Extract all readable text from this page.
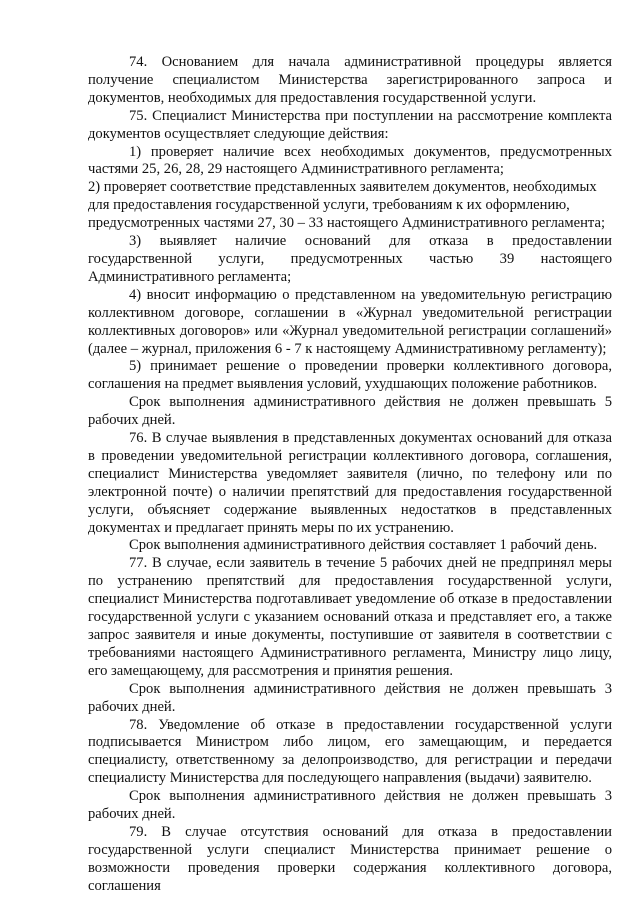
74. Основанием для начала административной процедуры является получение специалистом Министерства зарегистрированного запроса и документов, необходимых для предоставления государственной услуги.

75. Специалист Министерства при поступлении на рассмотрение комплекта документов осуществляет следующие действия:

1) проверяет наличие всех необходимых документов, предусмотренных частями 25, 26, 28, 29 настоящего Административного регламента;

2) проверяет соответствие представленных заявителем документов, необходимых для предоставления государственной услуги, требованиям к их оформлению, предусмотренных частями 27, 30 – 33 настоящего Административного регламента;

3) выявляет наличие оснований для отказа в предоставлении государственной услуги, предусмотренных частью 39 настоящего Административного регламента;

4) вносит информацию о представленном на уведомительную регистрацию коллективном договоре, соглашении в «Журнал уведомительной регистрации коллективных договоров» или «Журнал уведомительной регистрации соглашений» (далее – журнал, приложения 6 - 7 к настоящему Административному регламенту);

5) принимает решение о проведении проверки коллективного договора, соглашения на предмет выявления условий, ухудшающих положение работников.

Срок выполнения административного действия не должен превышать 5 рабочих дней.

76. В случае выявления в представленных документах оснований для отказа в проведении уведомительной регистрации коллективного договора, соглашения, специалист Министерства уведомляет заявителя (лично, по телефону или по электронной почте) о наличии препятствий для предоставления государственной услуги, объясняет содержание выявленных недостатков в представленных документах и предлагает принять меры по их устранению.

Срок выполнения административного действия составляет 1 рабочий день.

77. В случае, если заявитель в течение 5 рабочих дней не предпринял меры по устранению препятствий для предоставления государственной услуги, специалист Министерства подготавливает уведомление об отказе в предоставлении государственной услуги с указанием оснований отказа и представляет его, а также запрос заявителя и иные документы, поступившие от заявителя в соответствии с требованиями настоящего Административного регламента, Министру лицо лицу, его замещающему, для рассмотрения и принятия решения.

Срок выполнения административного действия не должен превышать 3 рабочих дней.

78. Уведомление об отказе в предоставлении государственной услуги подписывается Министром либо лицом, его замещающим, и передается специалисту, ответственному за делопроизводство, для регистрации и передачи специалисту Министерства для последующего направления (выдачи) заявителю.

Срок выполнения административного действия не должен превышать 3 рабочих дней.

79. В случае отсутствия оснований для отказа в предоставлении государственной услуги специалист Министерства принимает решение о возможности проведения проверки содержания коллективного договора, соглашения
